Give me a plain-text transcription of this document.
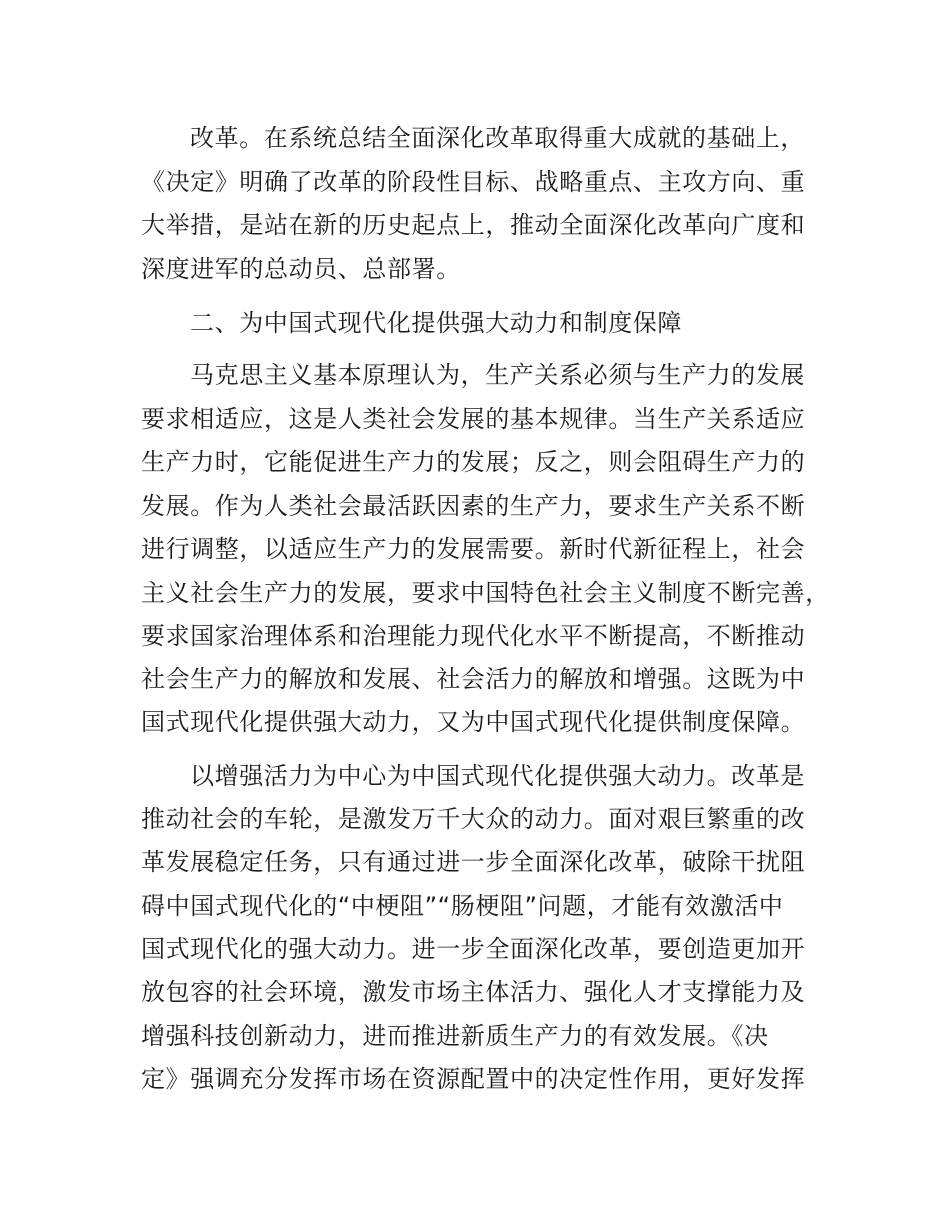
改革。在系统总结全面深化改革取得重大成就的基础上，
《决定》明确了改革的阶段性目标、战略重点、主攻方向、重
大举措，是站在新的历史起点上，推动全面深化改革向广度和
深度进军的总动员、总部署。
二、为中国式现代化提供强大动力和制度保障
马克思主义基本原理认为，生产关系必须与生产力的发展
要求相适应，这是人类社会发展的基本规律。当生产关系适应
生产力时，它能促进生产力的发展；反之，则会阻碍生产力的
发展。作为人类社会最活跃因素的生产力，要求生产关系不断
进行调整，以适应生产力的发展需要。新时代新征程上，社会
主义社会生产力的发展，要求中国特色社会主义制度不断完善，
要求国家治理体系和治理能力现代化水平不断提高，不断推动
社会生产力的解放和发展、社会活力的解放和增强。这既为中
国式现代化提供强大动力，又为中国式现代化提供制度保障。
以增强活力为中心为中国式现代化提供强大动力。改革是
推动社会的车轮，是激发万千大众的动力。面对艰巨繁重的改
革发展稳定任务，只有通过进一步全面深化改革，破除干扰阻
碍中国式现代化的“中梗阻”“肠梗阻”问题，才能有效激活中
国式现代化的强大动力。进一步全面深化改革，要创造更加开
放包容的社会环境，激发市场主体活力、强化人才支撑能力及
增强科技创新动力，进而推进新质生产力的有效发展。《决
定》强调充分发挥市场在资源配置中的决定性作用，更好发挥
